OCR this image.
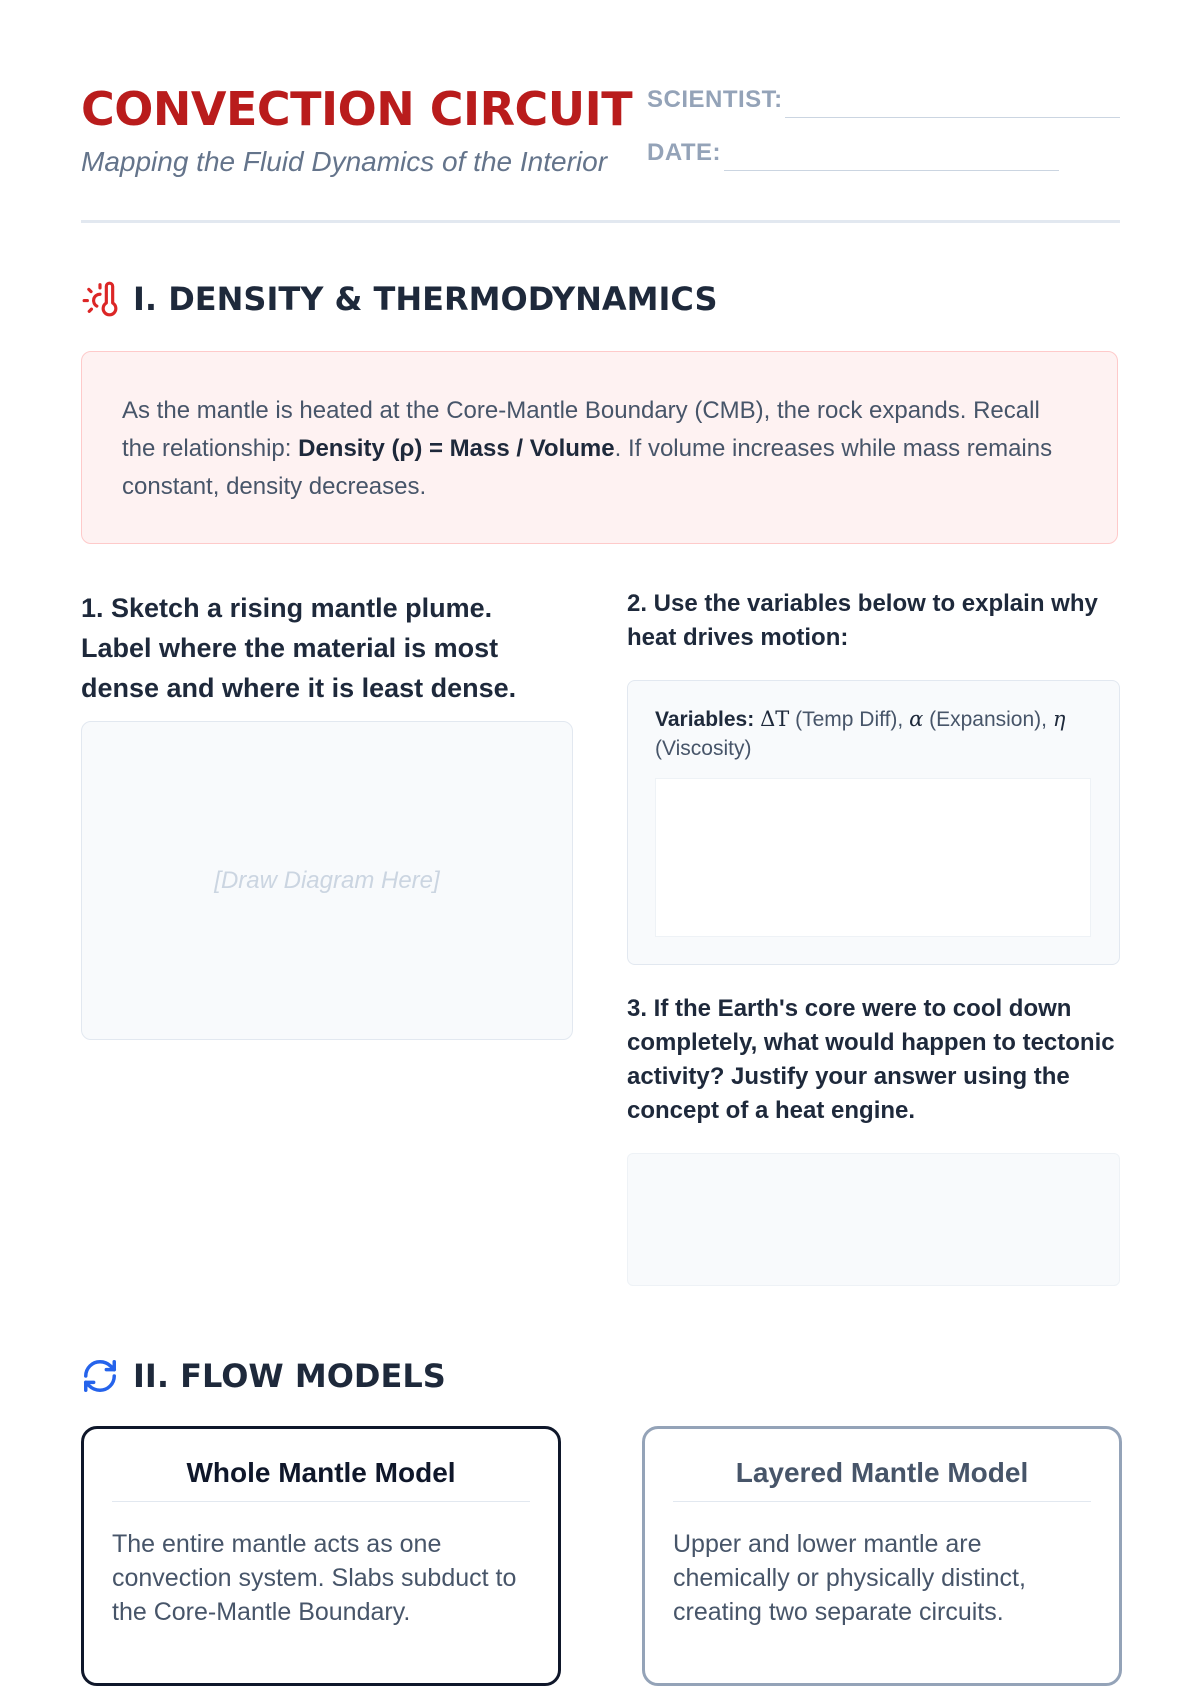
CONVECTION CIRCUIT
Mapping the Fluid Dynamics of the Interior
SCIENTIST:
DATE:
I. DENSITY & THERMODYNAMICS
As the mantle is heated at the Core-Mantle Boundary (CMB), the rock expands. Recall the relationship: Density (ρ) = Mass / Volume. If volume increases while mass remains constant, density decreases.
1. Sketch a rising mantle plume. Label where the material is most dense and where it is least dense.
[Draw Diagram Here]
2. Use the variables below to explain why heat drives motion:
Variables: ΔT (Temp Diff), α (Expansion), η (Viscosity)
3. If the Earth's core were to cool down completely, what would happen to tectonic activity? Justify your answer using the concept of a heat engine.
II. FLOW MODELS
Whole Mantle Model
The entire mantle acts as one convection system. Slabs subduct to the Core-Mantle Boundary.
Layered Mantle Model
Upper and lower mantle are chemically or physically distinct, creating two separate circuits.
